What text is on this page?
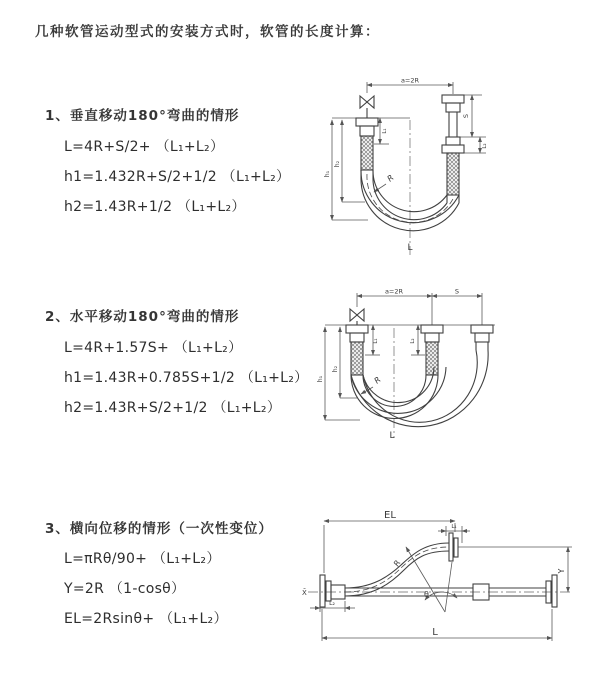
几种软管运动型式的安装方式时，软管的长度计算：
1、垂直移动180°弯曲的情形
L=4R+S/2+ （L₁+L₂）
h1=1.432R+S/2+1/2 （L₁+L₂）
h2=1.43R+1/2 （L₁+L₂）
2、水平移动180°弯曲的情形
L=4R+1.57S+ （L₁+L₂）
h1=1.43R+0.785S+1/2 （L₁+L₂）
h2=1.43R+S/2+1/2 （L₁+L₂）
3、横向位移的情形（一次性变位）
L=πRθ/90+ （L₁+L₂）
Y=2R （1-cosθ）
EL=2Rsinθ+ （L₁+L₂）
a=2R
L₁
h₂
h₁
S
L₂
R
L
a=2R	S
L₁	L₂
h₁
h₂
R
L
EL
L₁
Y
L
L₂
X̄	θ
R
